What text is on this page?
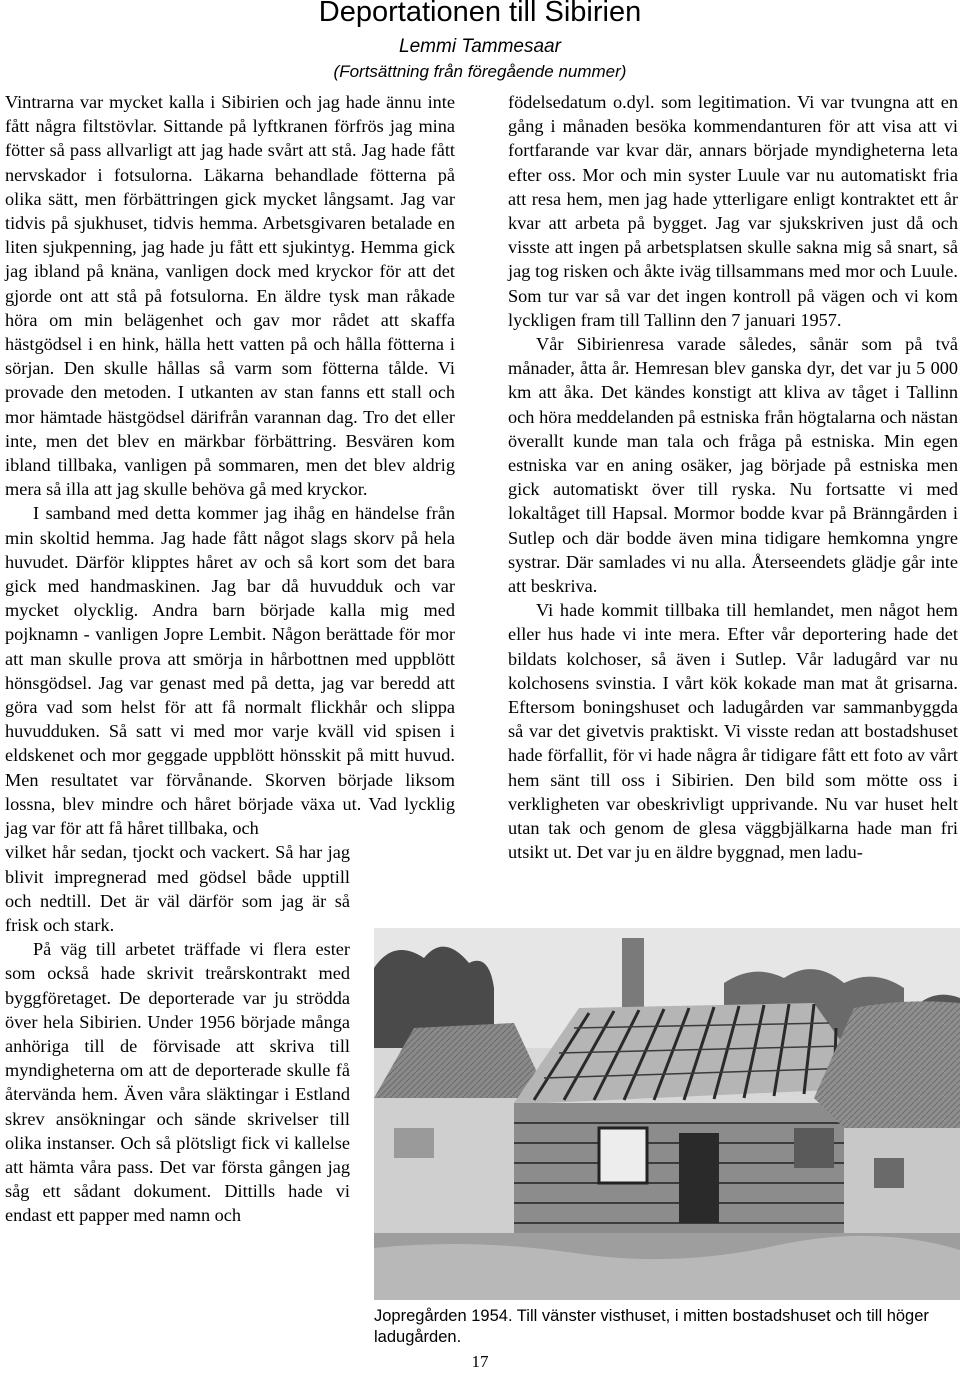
Deportationen till Sibirien
Lemmi Tammesaar
(Fortsättning från föregående nummer)

Vintrarna var mycket kalla i Sibirien och jag hade ännu inte fått några filtstövlar. Sittande på lyftkranen förfrös jag mina fötter så pass allvarligt att jag hade svårt att stå. Jag hade fått nervskador i fotsulorna. Läkarna behandlade fötterna på olika sätt, men förbättringen gick mycket långsamt. Jag var tidvis på sjukhuset, tidvis hemma. Arbetsgivaren betalade en liten sjukpenning, jag hade ju fått ett sjukintyg. Hemma gick jag ibland på knäna, vanligen dock med kryckor för att det gjorde ont att stå på fotsulorna. En äldre tysk man råkade höra om min belägenhet och gav mor rådet att skaffa hästgödsel i en hink, hälla hett vatten på och hålla fötterna i sörjan. Den skulle hållas så varm som fötterna tålde. Vi provade den metoden. I utkanten av stan fanns ett stall och mor hämtade hästgödsel därifrån varannan dag. Tro det eller inte, men det blev en märkbar förbättring. Besvären kom ibland tillbaka, vanligen på sommaren, men det blev aldrig mera så illa att jag skulle behöva gå med kryckor.

I samband med detta kommer jag ihåg en händelse från min skoltid hemma. Jag hade fått något slags skorv på hela huvudet. Därför klipptes håret av och så kort som det bara gick med handmaskinen. Jag bar då huvudduk och var mycket olycklig. Andra barn började kalla mig med pojknamn - vanligen Jopre Lembit. Någon berättade för mor att man skulle prova att smörja in hårbottnen med uppblött hönsgödsel. Jag var genast med på detta, jag var beredd att göra vad som helst för att få normalt flickhår och slippa huvudduken. Så satt vi med mor varje kväll vid spisen i eldskenet och mor geggade uppblött hönsskit på mitt huvud. Men resultatet var förvånande. Skorven började liksom lossna, blev mindre och håret började växa ut. Vad lycklig jag var för att få håret tillbaka, och

vilket hår sedan, tjockt och vackert. Så har jag blivit impregnerad med gödsel både upptill och nedtill. Det är väl därför som jag är så frisk och stark.

På väg till arbetet träffade vi flera ester som också hade skrivit treårskontrakt med byggföretaget. De deporterade var ju strödda över hela Sibirien. Under 1956 började många anhöriga till de förvisade att skriva till myndigheterna om att de deporterade skulle få återvända hem. Även våra släktingar i Estland skrev ansökningar och sände skrivelser till olika instanser. Och så plötsligt fick vi kallelse att hämta våra pass. Det var första gången jag såg ett sådant dokument. Dittills hade vi endast ett papper med namn och

födelsedatum o.dyl. som legitimation. Vi var tvungna att en gång i månaden besöka kommendanturen för att visa att vi fortfarande var kvar där, annars började myndigheterna leta efter oss. Mor och min syster Luule var nu automatiskt fria att resa hem, men jag hade ytterligare enligt kontraktet ett år kvar att arbeta på bygget. Jag var sjukskriven just då och visste att ingen på arbetsplatsen skulle sakna mig så snart, så jag tog risken och åkte iväg tillsammans med mor och Luule. Som tur var så var det ingen kontroll på vägen och vi kom lyckligen fram till Tallinn den 7 januari 1957.

Vår Sibirienresa varade således, sånär som på två månader, åtta år. Hemresan blev ganska dyr, det var ju 5 000 km att åka. Det kändes konstigt att kliva av tåget i Tallinn och höra meddelanden på estniska från högtalarna och nästan överallt kunde man tala och fråga på estniska. Min egen estniska var en aning osäker, jag började på estniska men gick automatiskt över till ryska. Nu fortsatte vi med lokaltåget till Hapsal. Mormor bodde kvar på Bränngården i Sutlep och där bodde även mina tidigare hemkomna yngre systrar. Där samlades vi nu alla. Återseendets glädje går inte att beskriva.

Vi hade kommit tillbaka till hemlandet, men något hem eller hus hade vi inte mera. Efter vår deportering hade det bildats kolchoser, så även i Sutlep. Vår ladugård var nu kolchosens svinstia. I vårt kök kokade man mat åt grisarna. Eftersom boningshuset och ladugården var sammanbyggda så var det givetvis praktiskt. Vi visste redan att bostadshuset hade förfallit, för vi hade några år tidigare fått ett foto av vårt hem sänt till oss i Sibirien. Den bild som mötte oss i verkligheten var obeskrivligt upprivande. Nu var huset helt utan tak och genom de glesa väggbjälkarna hade man fri utsikt ut. Det var ju en äldre byggnad, men ladu-

Jopregården 1954. Till vänster visthuset, i mitten bostadshuset och till höger ladugården.
17
